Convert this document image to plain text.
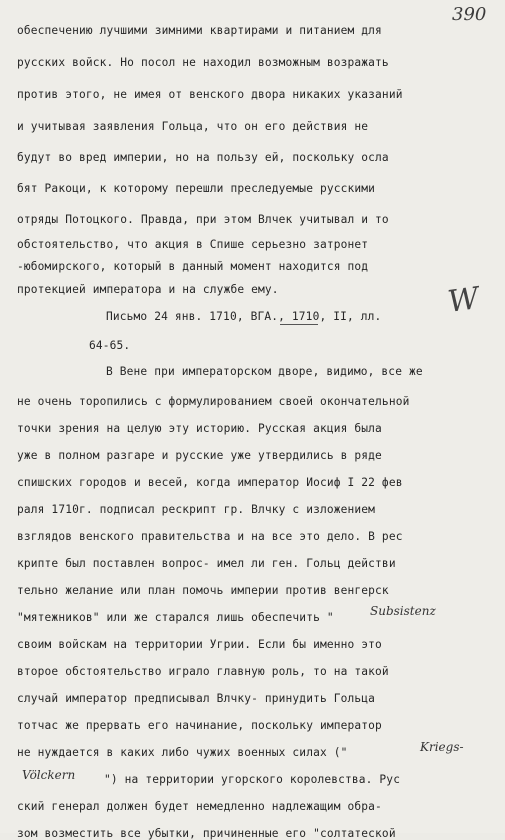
390
W
обеспечению лучшими зимними квартирами и питанием для
русских войск. Но посол не находил возможным возражать
против этого, не имея от венского двора никаких указаний
и учитывая заявления Гольца, что он его действия не
будут во вред империи, но на пользу ей, поскольку осла
бят Ракоци, к которому перешли преследуемые русскими
отряды Потоцкого. Правда, при этом Влчек учитывал и то
обстоятельство, что акция в Спише серьезно затронет
-юбомирского, который в данный момент находится под
протекцией императора и на службе ему.
Письмо 24 янв. 1710, ВГА., 1710, II, лл.
64-65.
В Вене при императорском дворе, видимо, все же
не очень торопились с формулированием своей окончательной
точки зрения на целую эту историю. Русская акция была
уже в полном разгаре и русские уже утвердились в ряде
спишских городов и весей, когда император Иосиф I 22 фев
раля 1710г. подписал рескрипт гр. Влчку с изложением
взглядов венского правительства и на все это дело. В рес
крипте был поставлен вопрос- имел ли ген. Гольц действи
тельно желание или план помочь империи против венгерск
"мятежников" или же старался лишь обеспечить "
своим войскам на территории Угрии. Если бы именно это
второе обстоятельство играло главную роль, то на такой
случай император предписывал Влчку- принудить Гольца
тотчас же прервать его начинание, поскольку император
не нуждается в каких либо чужих военных силах ("
") на территории угорского королевства. Рус
ский генерал должен будет немедленно надлежащим обра-
зом возместить все убытки, причиненные его "солтатеской
Subsistenz
Kriegs-
Völckern
